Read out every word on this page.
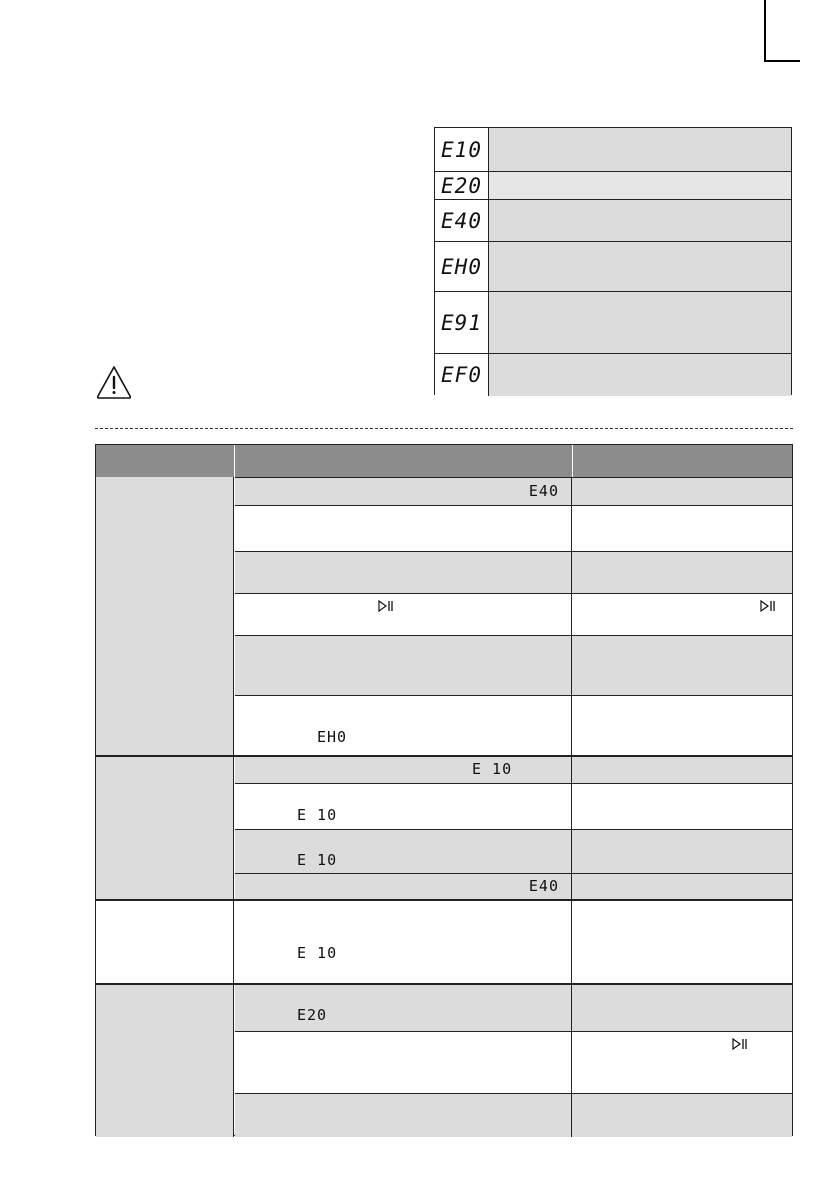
E10
E20
E40
EH0
E91
EF0
E40
EH0
E 10
E 10
E 10
E40
E 10
E20
